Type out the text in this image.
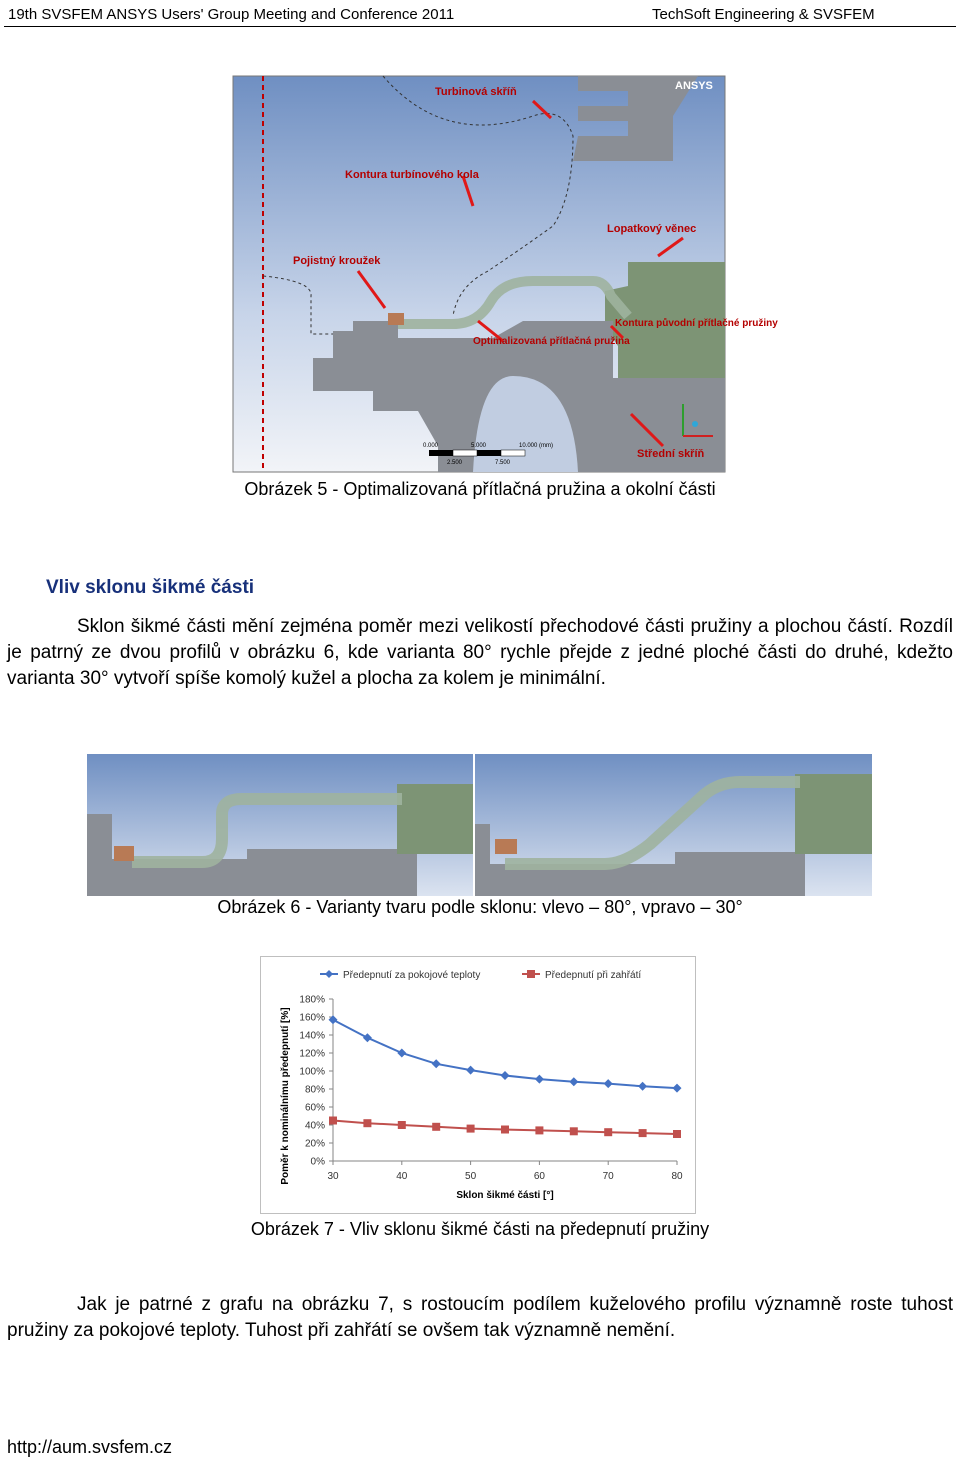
19th SVSFEM ANSYS Users' Group Meeting and Conference 2011	TechSoft Engineering & SVSFEM
Turbinová skříň
Kontura turbínového kola
Lopatkový věnec
Pojistný kroužek
Kontura původní přítlačné pružiny
Optimalizovaná přítlačná pružina
Střední skříň
ANSYS
0.000	5.000	10.000 (mm)
2.500	7.500
Obrázek 5 - Optimalizovaná přítlačná pružina a okolní části
Vliv sklonu šikmé části
Sklon šikmé části mění zejména poměr mezi velikostí přechodové části pružiny a plochou částí. Rozdíl je patrný ze dvou profilů v obrázku 6, kde varianta 80° rychle přejde z jedné ploché části do druhé, kdežto varianta 30° vytvoří spíše komolý kužel a plocha za kolem je minimální.
Obrázek 6 - Varianty tvaru podle sklonu: vlevo – 80°, vpravo – 30°
Předepnutí za pokojové teploty	Předepnutí při zahřátí
0%
20%
40%
60%
80%
100%
120%
140%
160%
180%
30	40	50	60	70	80
Sklon šikmé části [°]
Poměr k nominálnímu předepnutí [%]
Obrázek 7 - Vliv sklonu šikmé části na předepnutí pružiny
Jak je patrné z grafu na obrázku 7, s rostoucím podílem kuželového profilu významně roste tuhost pružiny za pokojové teploty. Tuhost při zahřátí se ovšem tak významně nemění.
http://aum.svsfem.cz
